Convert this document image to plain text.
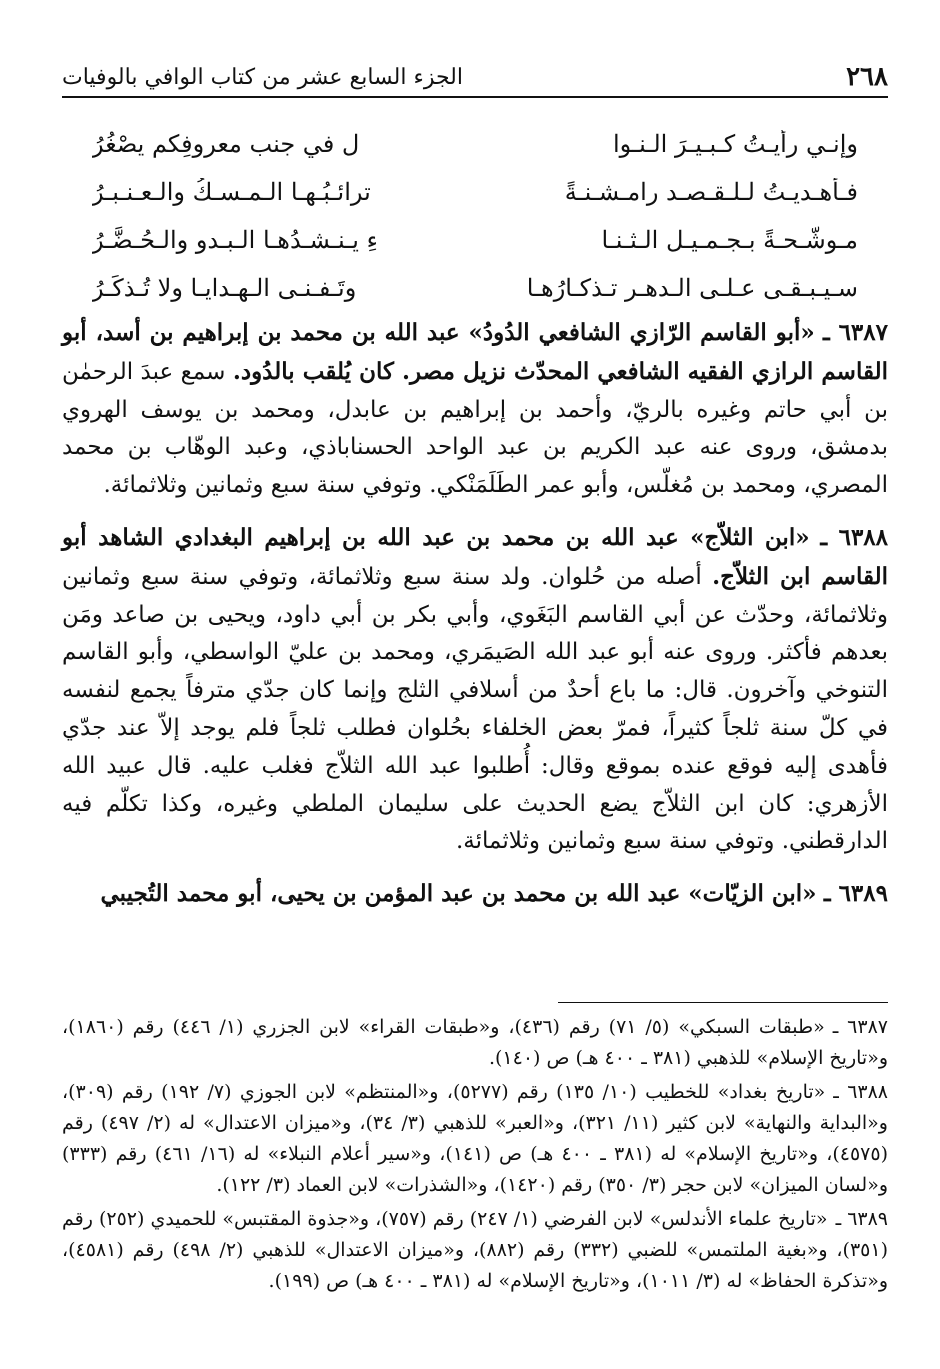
٢٦٨
الجزء السابع عشر من كتاب الوافي بالوفيات
وإنـي رأيـتُ كـبـيـرَ الـنـوا
لِ في جنب معروفِكم يصْغُرُ
فـأهـديـتُ لـلـقـصـد رامـشـنـةً
ترائـبُـهـا الـمـسـكُ والـعـنـبـرُ
مـوشّـحـةً بـجـمـيـل الـثـنـا
ءِ يـنـشـدُهـا الـبـدو والـحُـضَّـرُ
سـيـبـقـى عـلـى الـدهـر تـذكـارُهـا
وتَـفـنـى الـهـدايـا ولا تُـذكَـرُ

٦٣٨٧ ـ «أبو القاسم الرّازي الشافعي الدُودُ» عبد الله بن محمد بن إبراهيم بن أسد، أبو القاسم الرازي الفقيه الشافعي المحدّث نزيل مصر. كان يُلقب بالدُود. سمع عبدَ الرحمٰن بن أبي حاتم وغيره بالريّ، وأحمد بن إبراهيم بن عابدل، ومحمد بن يوسف الهروي بدمشق، وروى عنه عبد الكريم بن عبد الواحد الحسناباذي، وعبد الوهّاب بن محمد المصري، ومحمد بن مُغلّس، وأبو عمر الطَلَمَنْكي. وتوفي سنة سبع وثمانين وثلاثمائة.

٦٣٨٨ ـ «ابن الثلاّج» عبد الله بن محمد بن عبد الله بن إبراهيم البغدادي الشاهد أبو القاسم ابن الثلاّج. أصله من حُلوان. ولد سنة سبع وثلاثمائة، وتوفي سنة سبع وثمانين وثلاثمائة، وحدّث عن أبي القاسم البَغَوي، وأبي بكر بن أبي داود، ويحيى بن صاعد ومَن بعدهم فأكثر. وروى عنه أبو عبد الله الصَيمَري، ومحمد بن عليّ الواسطي، وأبو القاسم التنوخي وآخرون. قال: ما باع أحدٌ من أسلافي الثلج وإنما كان جدّي مترفاً يجمع لنفسه في كلّ سنة ثلجاً كثيراً، فمرّ بعض الخلفاء بحُلوان فطلب ثلجاً فلم يوجد إلاّ عند جدّي فأهدى إليه فوقع عنده بموقع وقال: أُطلبوا عبد الله الثلاّج فغلب عليه. قال عبيد الله الأزهري: كان ابن الثلاّج يضع الحديث على سليمان الملطي وغيره، وكذا تكلّم فيه الدارقطني. وتوفي سنة سبع وثمانين وثلاثمائة.

٦٣٨٩ ـ «ابن الزيّات» عبد الله بن محمد بن عبد المؤمن بن يحيى، أبو محمد التُجيبي

٦٣٨٧ ـ«طبقات السبكي» (٥/ ٧١) رقم (٤٣٦)، و«طبقات القراء» لابن الجزري (١/ ٤٤٦) رقم (١٨٦٠)، و«تاريخ الإسلام» للذهبي (٣٨١ ـ ٤٠٠ هـ) ص (١٤٠).

٦٣٨٨ ـ«تاريخ بغداد» للخطيب (١٠/ ١٣٥) رقم (٥٢٧٧)، و«المنتظم» لابن الجوزي (٧/ ١٩٢) رقم (٣٠٩)، و«البداية والنهاية» لابن كثير (١١/ ٣٢١)، و«العبر» للذهبي (٣/ ٣٤)، و«ميزان الاعتدال» له (٢/ ٤٩٧) رقم (٤٥٧٥)، و«تاريخ الإسلام» له (٣٨١ ـ ٤٠٠ هـ) ص (١٤١)، و«سير أعلام النبلاء» له (١٦/ ٤٦١) رقم (٣٣٣) و«لسان الميزان» لابن حجر (٣/ ٣٥٠) رقم (١٤٢٠)، و«الشذرات» لابن العماد (٣/ ١٢٢).

٦٣٨٩ ـ«تاريخ علماء الأندلس» لابن الفرضي (١/ ٢٤٧) رقم (٧٥٧)، و«جذوة المقتبس» للحميدي (٢٥٢) رقم (٣٥١)، و«بغية الملتمس» للضبي (٣٣٢) رقم (٨٨٢)، و«ميزان الاعتدال» للذهبي (٢/ ٤٩٨) رقم (٤٥٨١)، و«تذكرة الحفاظ» له (٣/ ١٠١١)، و«تاريخ الإسلام» له (٣٨١ ـ ٤٠٠ هـ) ص (١٩٩).
